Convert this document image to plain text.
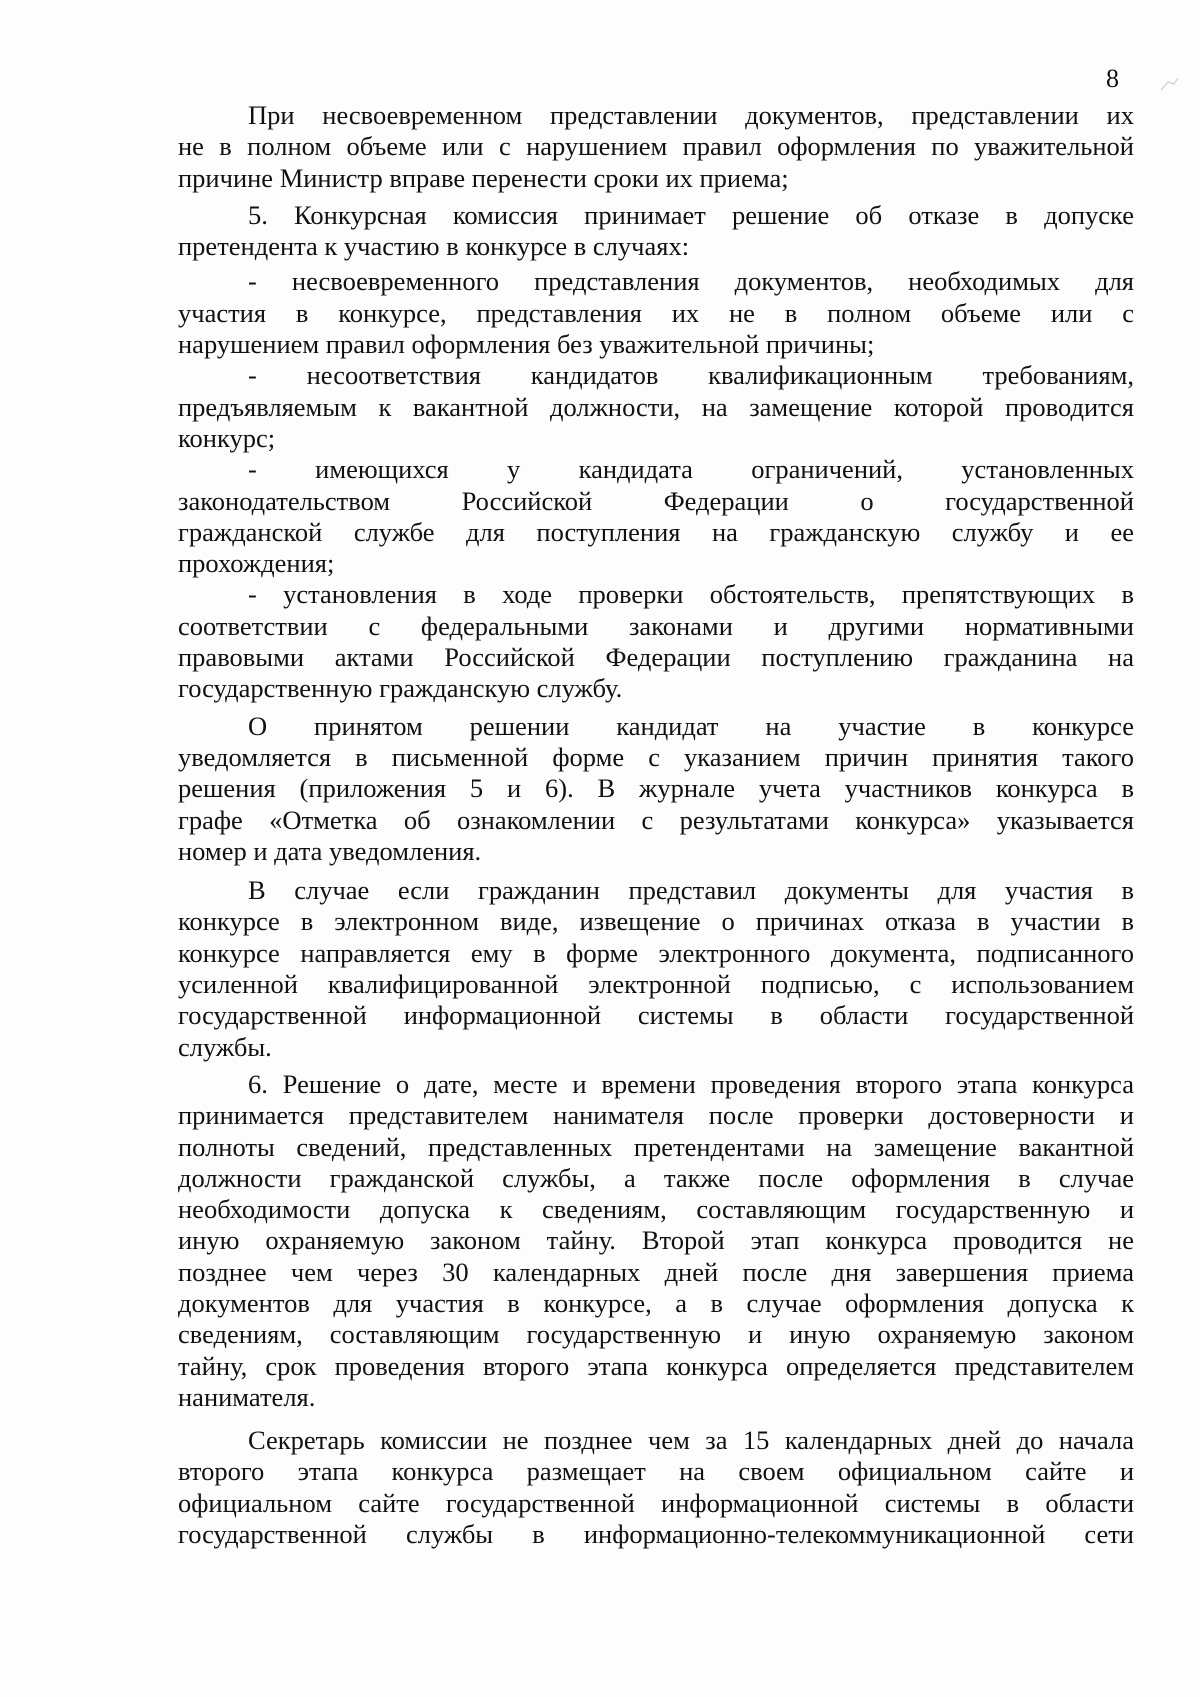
8
При несвоевременном представлении документов, представлении их
не в полном объеме или с нарушением правил оформления по уважительной
причине Министр вправе перенести сроки их приема;
5. Конкурсная комиссия принимает решение об отказе в допуске
претендента к участию в конкурсе в случаях:
- несвоевременного представления документов, необходимых для
участия в конкурсе, представления их не в полном объеме или с
нарушением правил оформления без уважительной причины;
- несоответствия кандидатов квалификационным требованиям,
предъявляемым к вакантной должности, на замещение которой проводится
конкурс;
- имеющихся у кандидата ограничений, установленных
законодательством Российской Федерации о государственной
гражданской службе для поступления на гражданскую службу и ее
прохождения;
- установления в ходе проверки обстоятельств, препятствующих в
соответствии с федеральными законами и другими нормативными
правовыми актами Российской Федерации поступлению гражданина на
государственную гражданскую службу.
О принятом решении кандидат на участие в конкурсе
уведомляется в письменной форме с указанием причин принятия такого
решения (приложения 5 и 6). В журнале учета участников конкурса в
графе «Отметка об ознакомлении с результатами конкурса» указывается
номер и дата уведомления.
В случае если гражданин представил документы для участия в
конкурсе в электронном виде, извещение о причинах отказа в участии в
конкурсе направляется ему в форме электронного документа, подписанного
усиленной квалифицированной электронной подписью, с использованием
государственной информационной системы в области государственной
службы.
6. Решение о дате, месте и времени проведения второго этапа конкурса
принимается представителем нанимателя после проверки достоверности и
полноты сведений, представленных претендентами на замещение вакантной
должности гражданской службы, а также после оформления в случае
необходимости допуска к сведениям, составляющим государственную и
иную охраняемую законом тайну. Второй этап конкурса проводится не
позднее чем через 30 календарных дней после дня завершения приема
документов для участия в конкурсе, а в случае оформления допуска к
сведениям, составляющим государственную и иную охраняемую законом
тайну, срок проведения второго этапа конкурса определяется представителем
нанимателя.
Секретарь комиссии не позднее чем за 15 календарных дней до начала
второго этапа конкурса размещает на своем официальном сайте и
официальном сайте государственной информационной системы в области
государственной службы в информационно-телекоммуникационной сети
